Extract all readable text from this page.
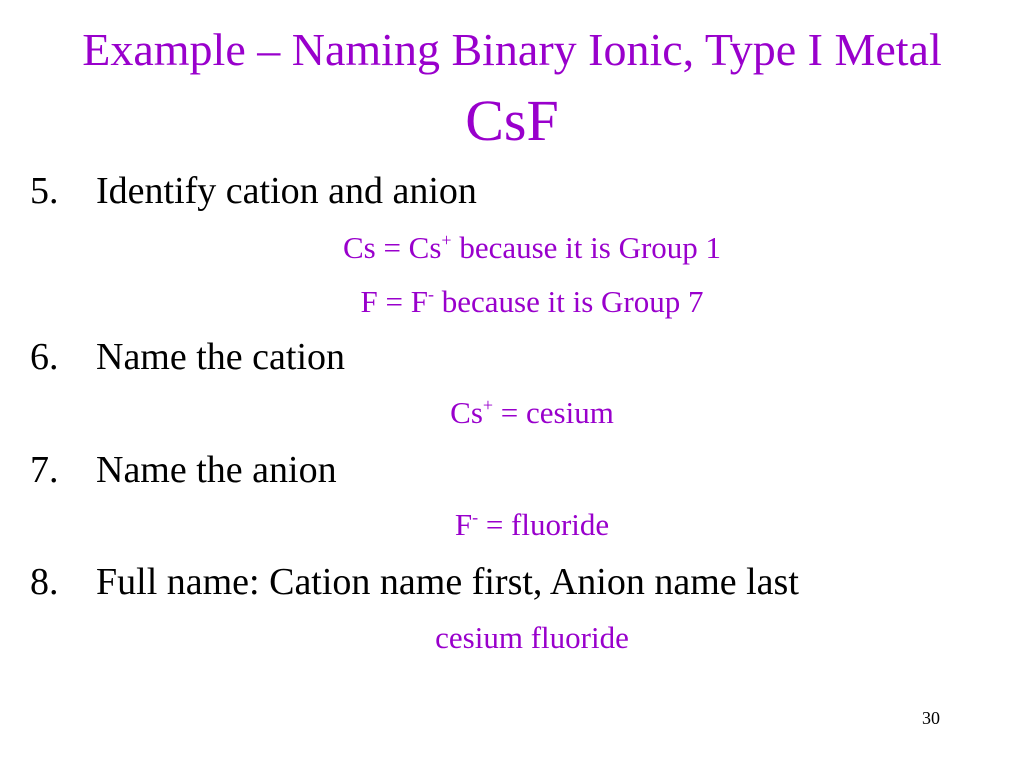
Example – Naming Binary Ionic, Type I Metal
CsF
5. Identify cation and anion
Cs = Cs+ because it is Group 1
F = F- because it is Group 7
6. Name the cation
Cs+ = cesium
7. Name the anion
F- = fluoride
8. Full name: Cation name first, Anion name last
cesium fluoride
30
